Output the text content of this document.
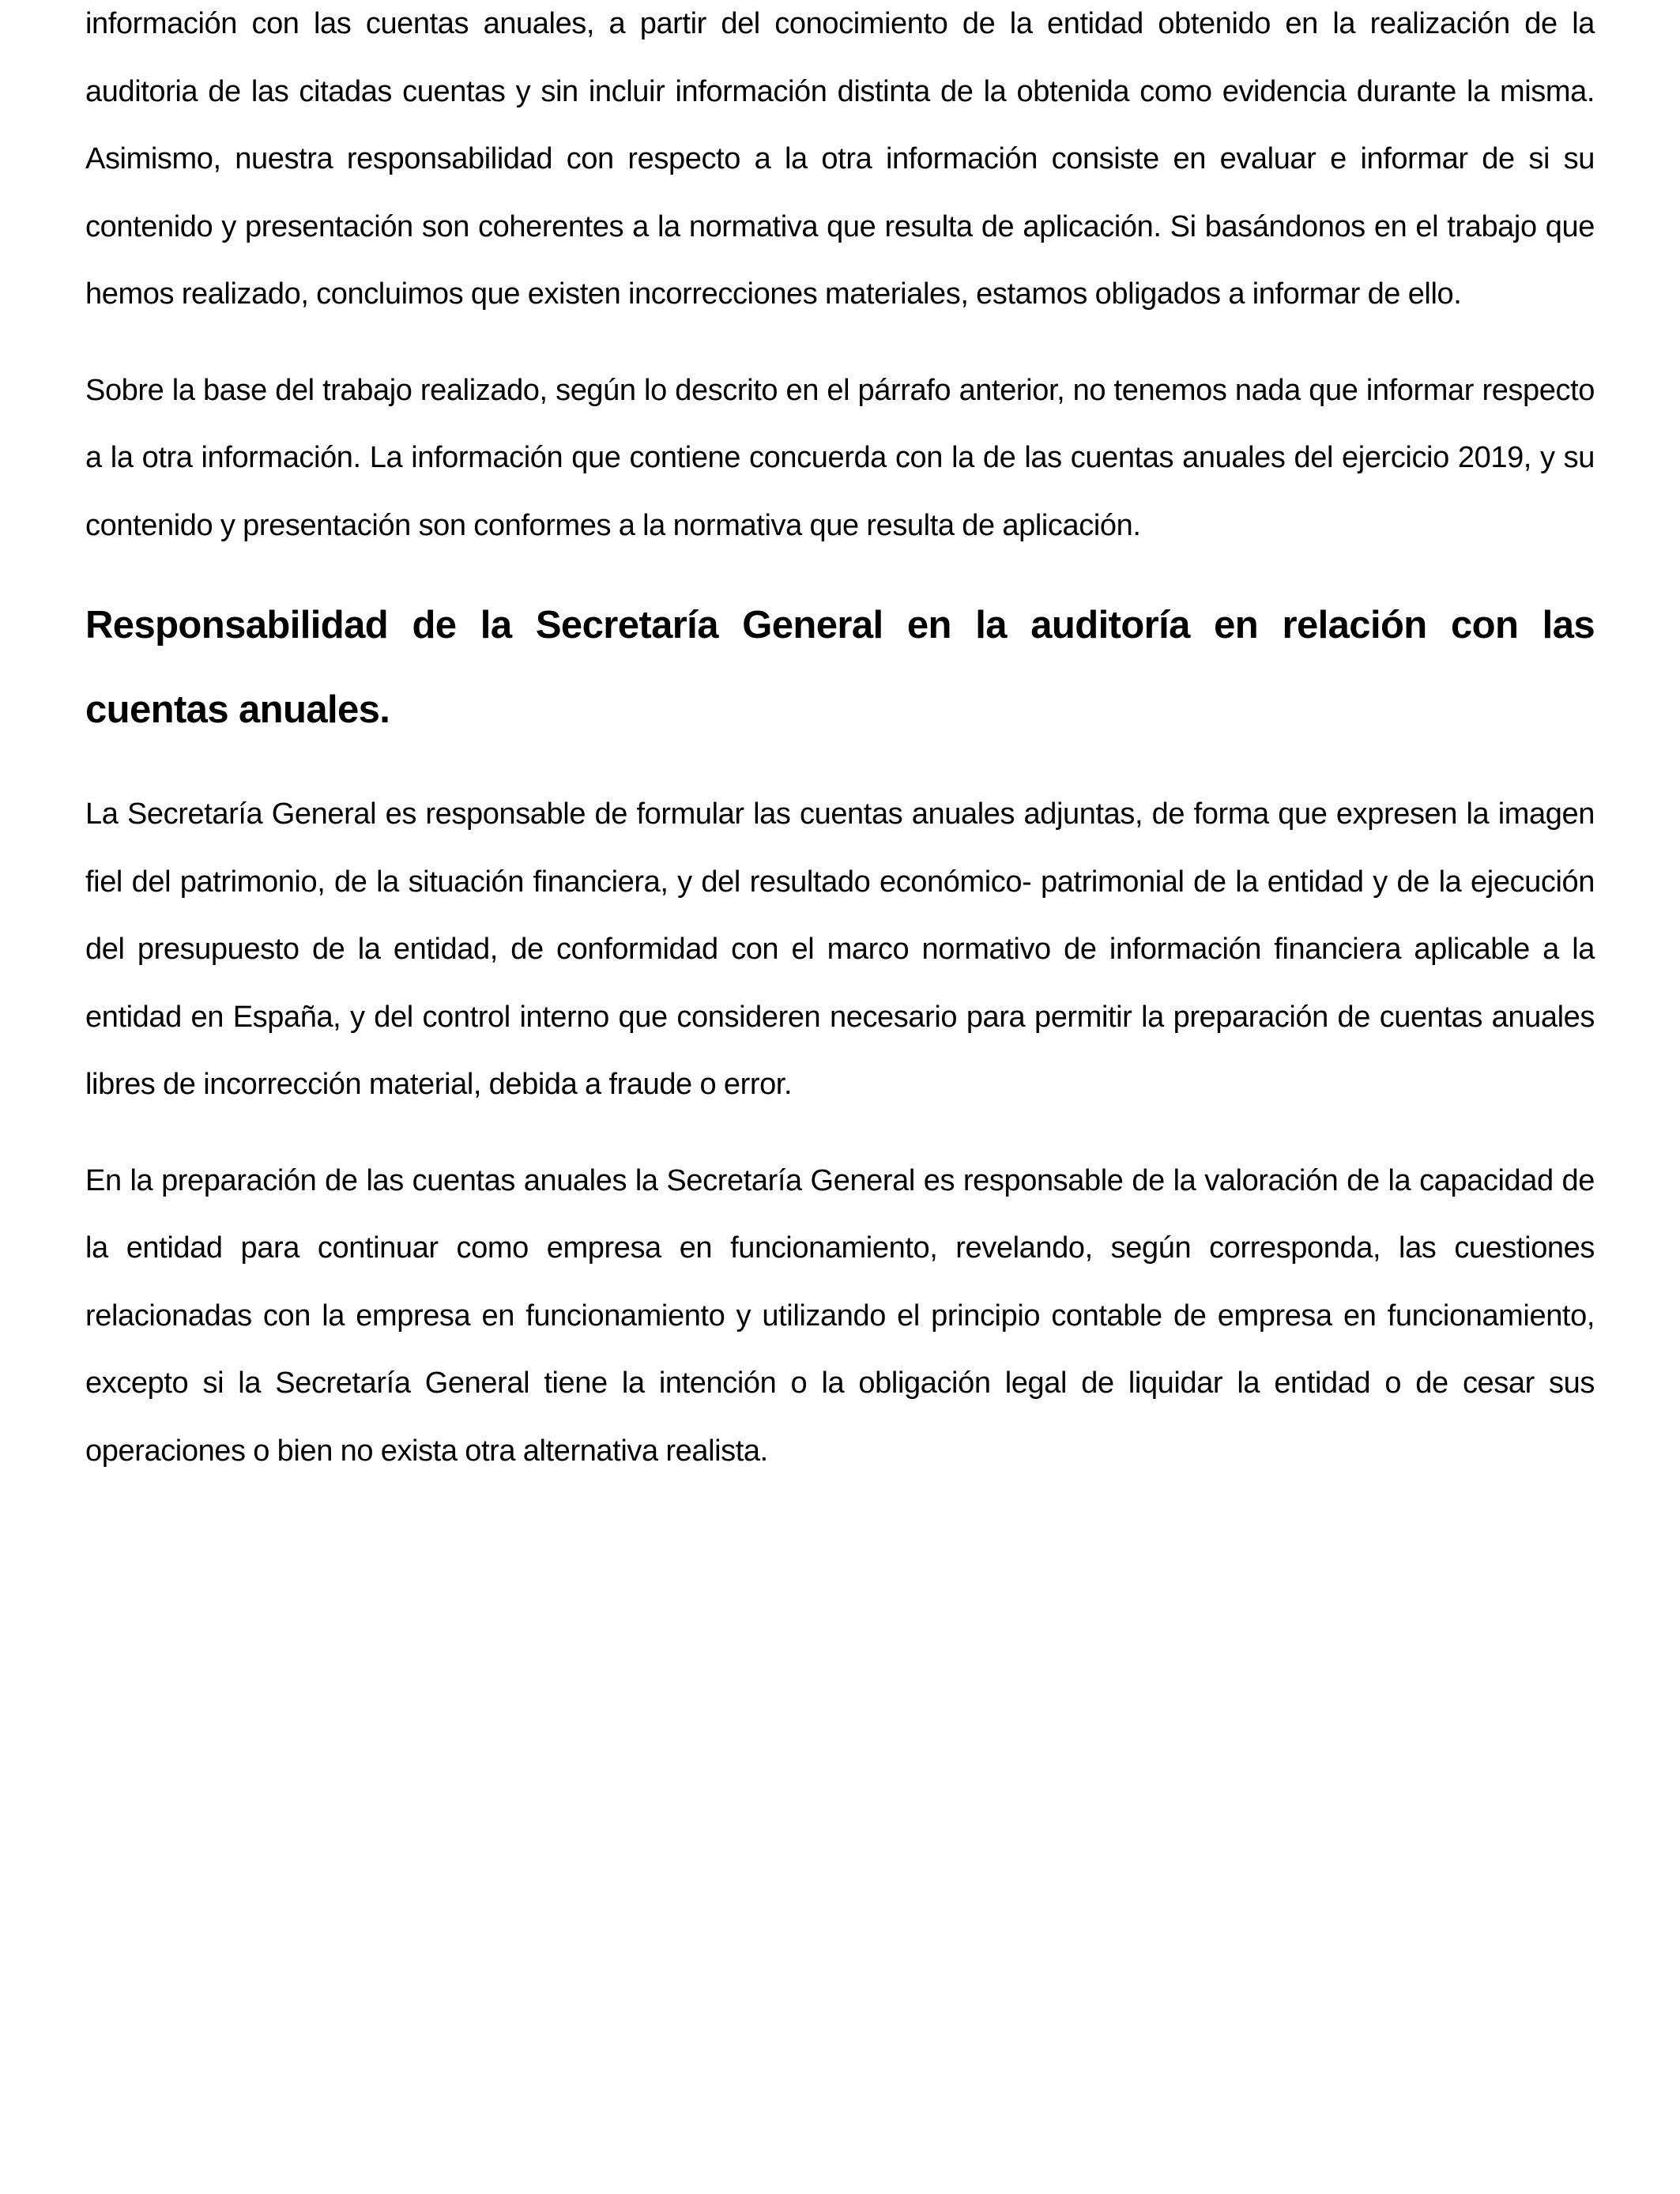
información con las cuentas anuales, a partir del conocimiento de la entidad obtenido en la realización de la auditoria de las citadas cuentas y sin incluir información distinta de la obtenida como evidencia durante la misma. Asimismo, nuestra responsabilidad con respecto a la otra información consiste en evaluar e informar de si su contenido y presentación son coherentes a la normativa que resulta de aplicación. Si basándonos en el trabajo que hemos realizado, concluimos que existen incorrecciones materiales, estamos obligados a informar de ello.

Sobre la base del trabajo realizado, según lo descrito en el párrafo anterior, no tenemos nada que informar respecto a la otra información. La información que contiene concuerda con la de las cuentas anuales del ejercicio 2019, y su contenido y presentación son conformes a la normativa que resulta de aplicación.

Responsabilidad de la Secretaría General en la auditoría en relación con las cuentas anuales.

La Secretaría General es responsable de formular las cuentas anuales adjuntas, de forma que expresen la imagen fiel del patrimonio, de la situación financiera, y del resultado económico- patrimonial de la entidad y de la ejecución del presupuesto de la entidad, de conformidad con el marco normativo de información financiera aplicable a la entidad en España, y del control interno que consideren necesario para permitir la preparación de cuentas anuales libres de incorrección material, debida a fraude o error.

En la preparación de las cuentas anuales la Secretaría General es responsable de la valoración de la capacidad de la entidad para continuar como empresa en funcionamiento, revelando, según corresponda, las cuestiones relacionadas con la empresa en funcionamiento y utilizando el principio contable de empresa en funcionamiento, excepto si la Secretaría General tiene la intención o la obligación legal de liquidar la entidad o de cesar sus operaciones o bien no exista otra alternativa realista.
